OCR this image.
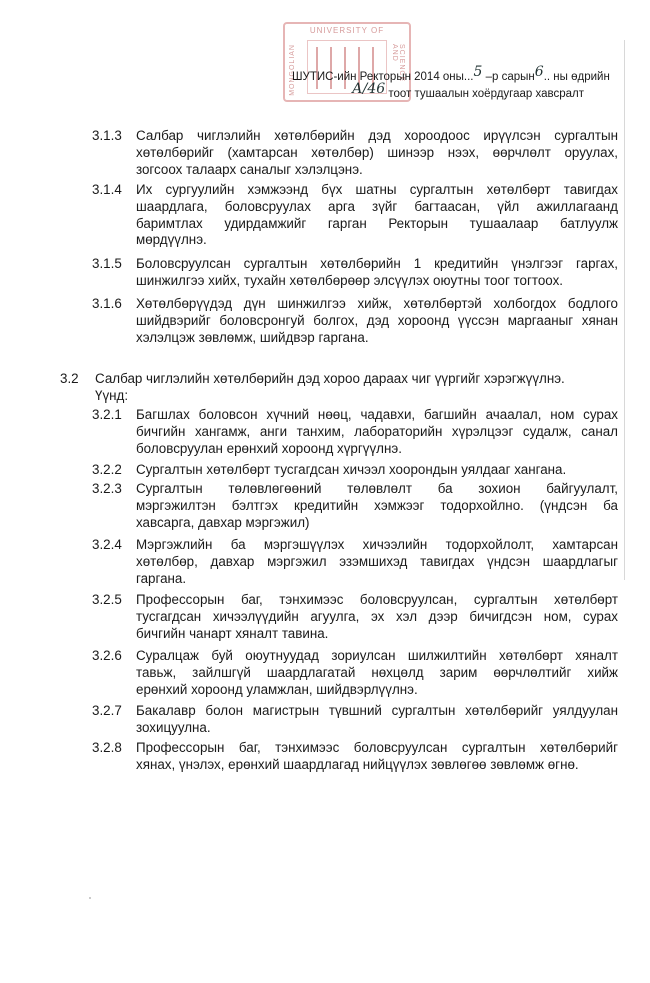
UNIVERSITY OF
MONGOLIAN	SCIENCE AND
ШУТИС-ийн Ректорын 2014 оны...5 –р сарын6.. ны өдрийн
А/46 тоот тушаалын хоёрдугаар хавсралт
3.1.3 Салбар чиглэлийн хөтөлбөрийн дэд хороодоос ирүүлсэн сургалтын
хөтөлбөрийг (хамтарсан хөтөлбөр) шинээр нээх, өөрчлөлт оруулах,
зогсоох талаарх саналыг хэлэлцэнэ.
3.1.4 Их сургуулийн хэмжээнд бүх шатны сургалтын хөтөлбөрт тавигдах
шаардлага, боловсруулах арга зүйг багтаасан, үйл ажиллагаанд
баримтлах удирдамжийг гарган Ректорын тушаалаар батлуулж
мөрдүүлнэ.
3.1.5 Боловсруулсан сургалтын хөтөлбөрийн 1 кредитийн үнэлгээг гаргах,
шинжилгээ хийх, тухайн хөтөлбөрөөр элсүүлэх оюутны тоог тогтоох.
3.1.6 Хөтөлбөрүүдэд дүн шинжилгээ хийж, хөтөлбөртэй холбогдох бодлого
шийдвэрийг боловсронгуй болгох, дэд хороонд үүссэн маргааныг хянан
хэлэлцэж зөвлөмж, шийдвэр гаргана.
3.2 Салбар чиглэлийн хөтөлбөрийн дэд хороо дараах чиг үүргийг хэрэгжүүлнэ.
Үүнд:
3.2.1 Багшлах боловсон хүчний нөөц, чадавхи, багшийн ачаалал, ном сурах
бичгийн хангамж, анги танхим, лабораторийн хүрэлцээг судалж, санал
боловсруулан ерөнхий хороонд хүргүүлнэ.
3.2.2 Сургалтын хөтөлбөрт тусгагдсан хичээл хоорондын уялдааг хангана.
3.2.3 Сургалтын төлөвлөгөөний төлөвлөлт ба зохион байгуулалт,
мэргэжилтэн бэлтгэх кредитийн хэмжээг тодорхойлно. (үндсэн ба
хавсарга, давхар мэргэжил)
3.2.4 Мэргэжлийн ба мэргэшүүлэх хичээлийн тодорхойлолт, хамтарсан
хөтөлбөр, давхар мэргэжил эзэмшихэд тавигдах үндсэн шаардлагыг
гаргана.
3.2.5 Профессорын баг, тэнхимээс боловсруулсан, сургалтын хөтөлбөрт
тусгагдсан хичээлүүдийн агуулга, эх хэл дээр бичигдсэн ном, сурах
бичгийн чанарт хяналт тавина.
3.2.6 Суралцаж буй оюутнуудад зориулсан шилжилтийн хөтөлбөрт хяналт
тавьж, зайлшгүй шаардлагатай нөхцөлд зарим өөрчлөлтийг хийж
ерөнхий хороонд уламжлан, шийдвэрлүүлнэ.
3.2.7 Бакалавр болон магистрын түвшний сургалтын хөтөлбөрийг уялдуулан
зохицуулна.
3.2.8 Профессорын баг, тэнхимээс боловсруулсан сургалтын хөтөлбөрийг
хянах, үнэлэх, ерөнхий шаардлагад нийцүүлэх зөвлөгөө зөвлөмж өгнө.
